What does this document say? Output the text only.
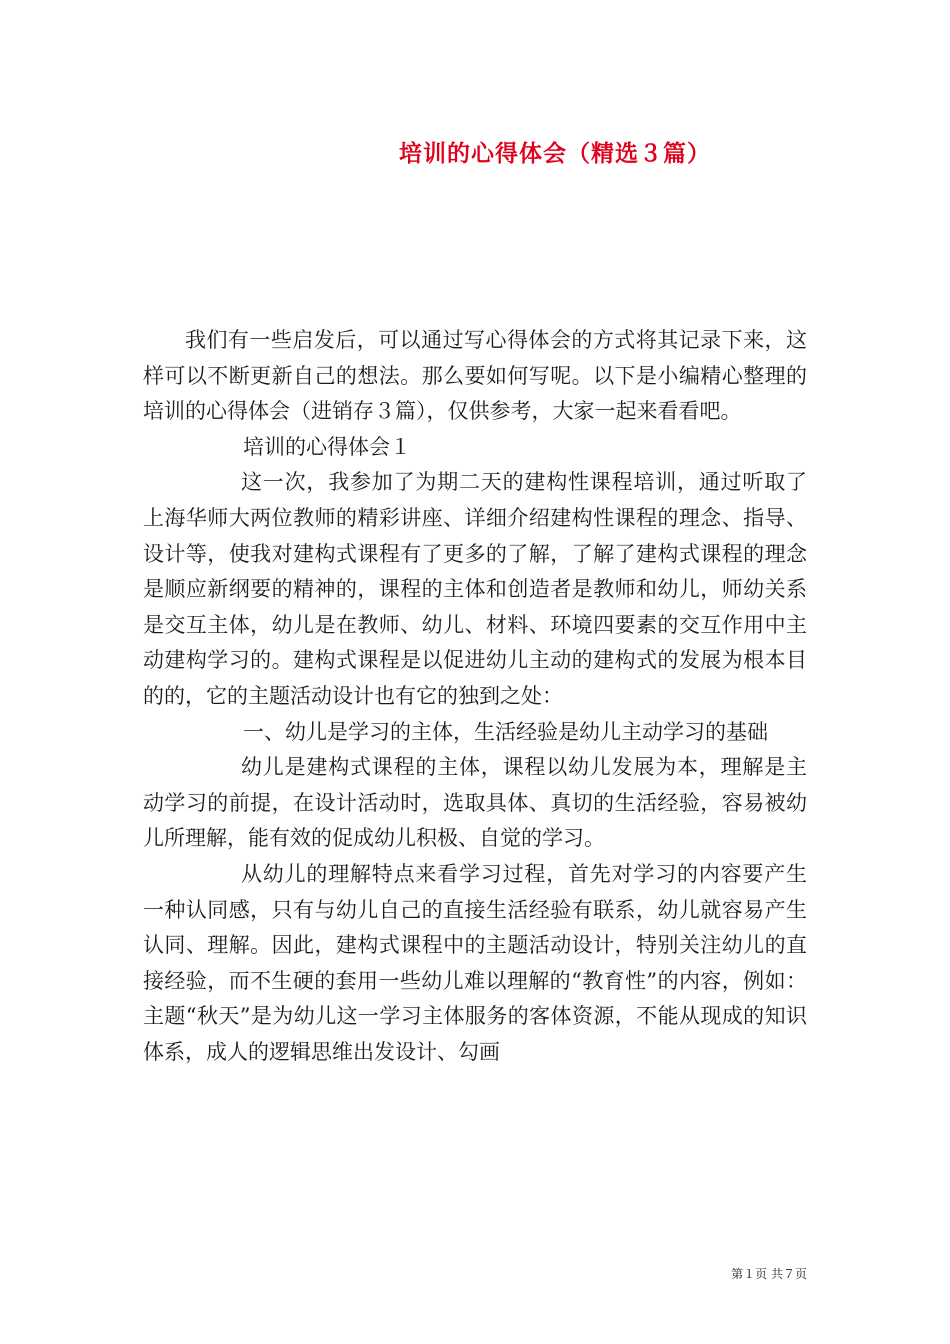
培训的心得体会（精选３篇）

我们有一些启发后，可以通过写心得体会的方式将其记录下来，这样可以不断更新自己的想法。那么要如何写呢。以下是小编精心整理的培训的心得体会（进销存３篇），仅供参考，大家一起来看看吧。

培训的心得体会１

这一次，我参加了为期二天的建构性课程培训，通过听取了上海华师大两位教师的精彩讲座、详细介绍建构性课程的理念、指导、设计等，使我对建构式课程有了更多的了解，了解了建构式课程的理念是顺应新纲要的精神的，课程的主体和创造者是教师和幼儿，师幼关系是交互主体，幼儿是在教师、幼儿、材料、环境四要素的交互作用中主动建构学习的。建构式课程是以促进幼儿主动的建构式的发展为根本目的的，它的主题活动设计也有它的独到之处：

一、幼儿是学习的主体，生活经验是幼儿主动学习的基础

幼儿是建构式课程的主体，课程以幼儿发展为本，理解是主动学习的前提，在设计活动时，选取具体、真切的生活经验，容易被幼儿所理解，能有效的促成幼儿积极、自觉的学习。

从幼儿的理解特点来看学习过程，首先对学习的内容要产生一种认同感，只有与幼儿自己的直接生活经验有联系，幼儿就容易产生认同、理解。因此，建构式课程中的主题活动设计，特别关注幼儿的直接经验，而不生硬的套用一些幼儿难以理解的“教育性”的内容，例如：主题“秋天”是为幼儿这一学习主体服务的客体资源，不能从现成的知识体系，成人的逻辑思维出发设计、勾画

第１页 共７页
